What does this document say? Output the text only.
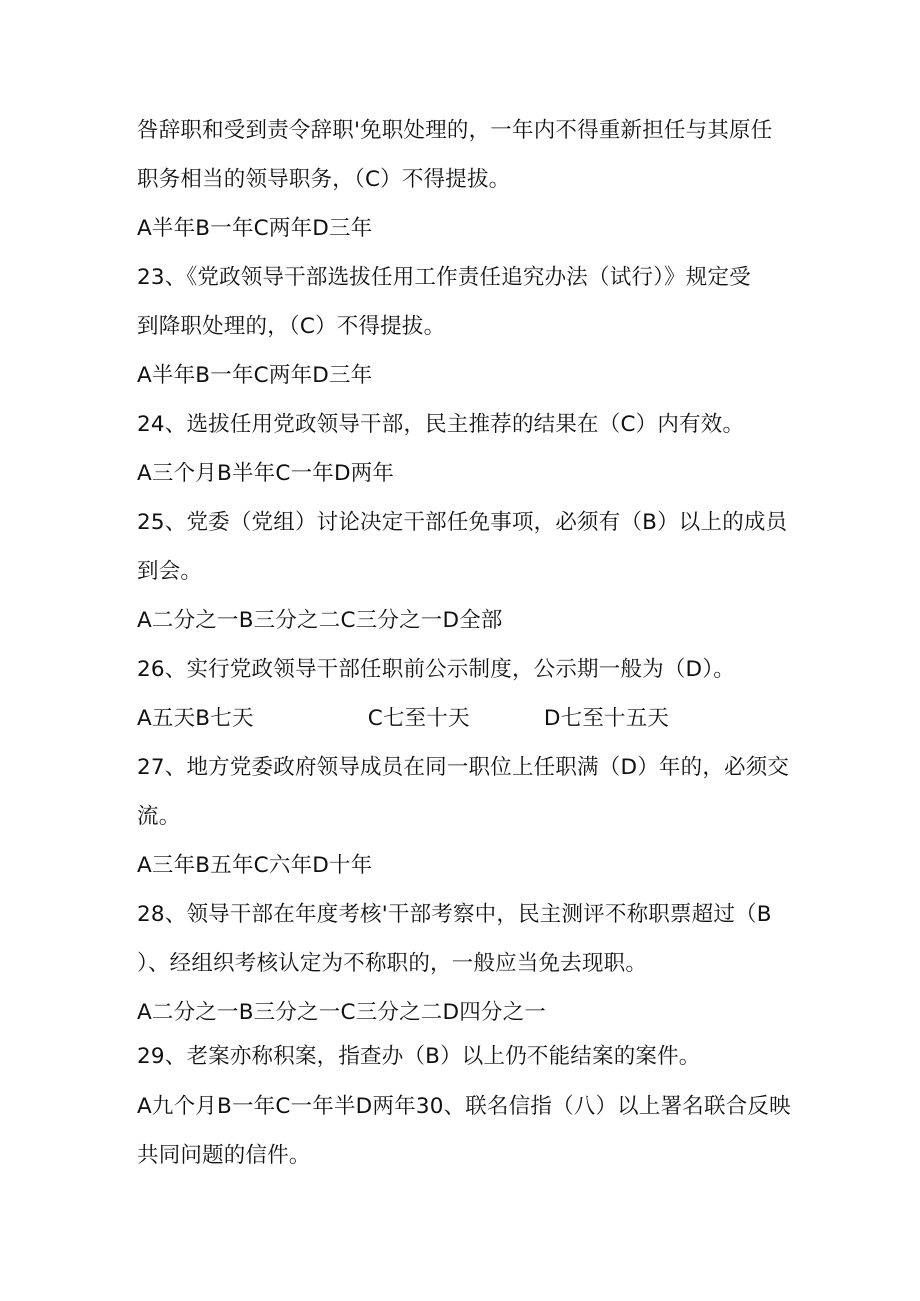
咎辞职和受到责令辞职'免职处理的，一年内不得重新担任与其原任
职务相当的领导职务，（C）不得提拔。
A半年B一年C两年D三年
23、《党政领导干部选拔任用工作责任追究办法（试行）》规定受
到降职处理的，（C）不得提拔。
A半年B一年C两年D三年
24、选拔任用党政领导干部，民主推荐的结果在（C）内有效。
A三个月B半年C一年D两年
25、党委（党组）讨论决定干部任免事项，必须有（B）以上的成员
到会。
A二分之一B三分之二C三分之一D全部
26、实行党政领导干部任职前公示制度，公示期一般为（D）。
A五天B七天	C七至十天	D七至十五天
27、地方党委政府领导成员在同一职位上任职满（D）年的，必须交
流。
A三年B五年C六年D十年
28、领导干部在年度考核'干部考察中，民主测评不称职票超过（B
）、经组织考核认定为不称职的，一般应当免去现职。
A二分之一B三分之一C三分之二D四分之一
29、老案亦称积案，指查办（B）以上仍不能结案的案件。
A九个月B一年C一年半D两年30、联名信指（八）以上署名联合反映
共同问题的信件。
